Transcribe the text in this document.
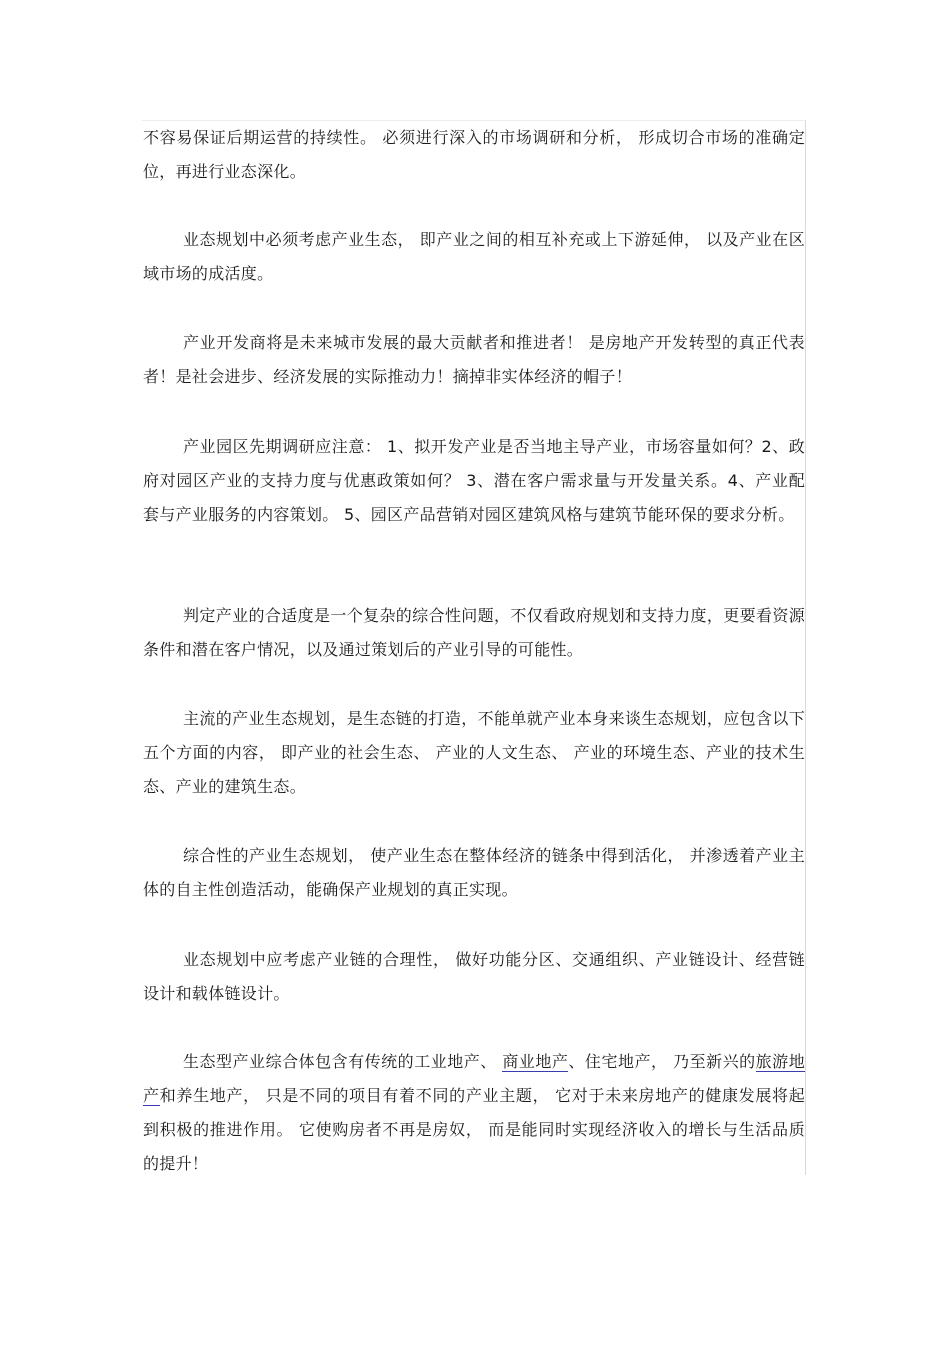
不容易保证后期运营的持续性。 必须进行深入的市场调研和分析， 形成切合市场的准确定位，再进行业态深化。

业态规划中必须考虑产业生态， 即产业之间的相互补充或上下游延伸， 以及产业在区域市场的成活度。

产业开发商将是未来城市发展的最大贡献者和推进者！ 是房地产开发转型的真正代表者！是社会进步、经济发展的实际推动力！摘掉非实体经济的帽子！

产业园区先期调研应注意： 1、拟开发产业是否当地主导产业，市场容量如何？2、政府对园区产业的支持力度与优惠政策如何？ 3、潜在客户需求量与开发量关系。4、产业配套与产业服务的内容策划。 5、园区产品营销对园区建筑风格与建筑节能环保的要求分析。

判定产业的合适度是一个复杂的综合性问题，不仅看政府规划和支持力度，更要看资源条件和潜在客户情况，以及通过策划后的产业引导的可能性。

主流的产业生态规划，是生态链的打造，不能单就产业本身来谈生态规划，应包含以下五个方面的内容， 即产业的社会生态、 产业的人文生态、 产业的环境生态、产业的技术生态、产业的建筑生态。

综合性的产业生态规划， 使产业生态在整体经济的链条中得到活化， 并渗透着产业主体的自主性创造活动，能确保产业规划的真正实现。

业态规划中应考虑产业链的合理性， 做好功能分区、交通组织、产业链设计、经营链设计和载体链设计。

生态型产业综合体包含有传统的工业地产、 商业地产、住宅地产， 乃至新兴的旅游地产和养生地产， 只是不同的项目有着不同的产业主题， 它对于未来房地产的健康发展将起到积极的推进作用。 它使购房者不再是房奴， 而是能同时实现经济收入的增长与生活品质的提升！
